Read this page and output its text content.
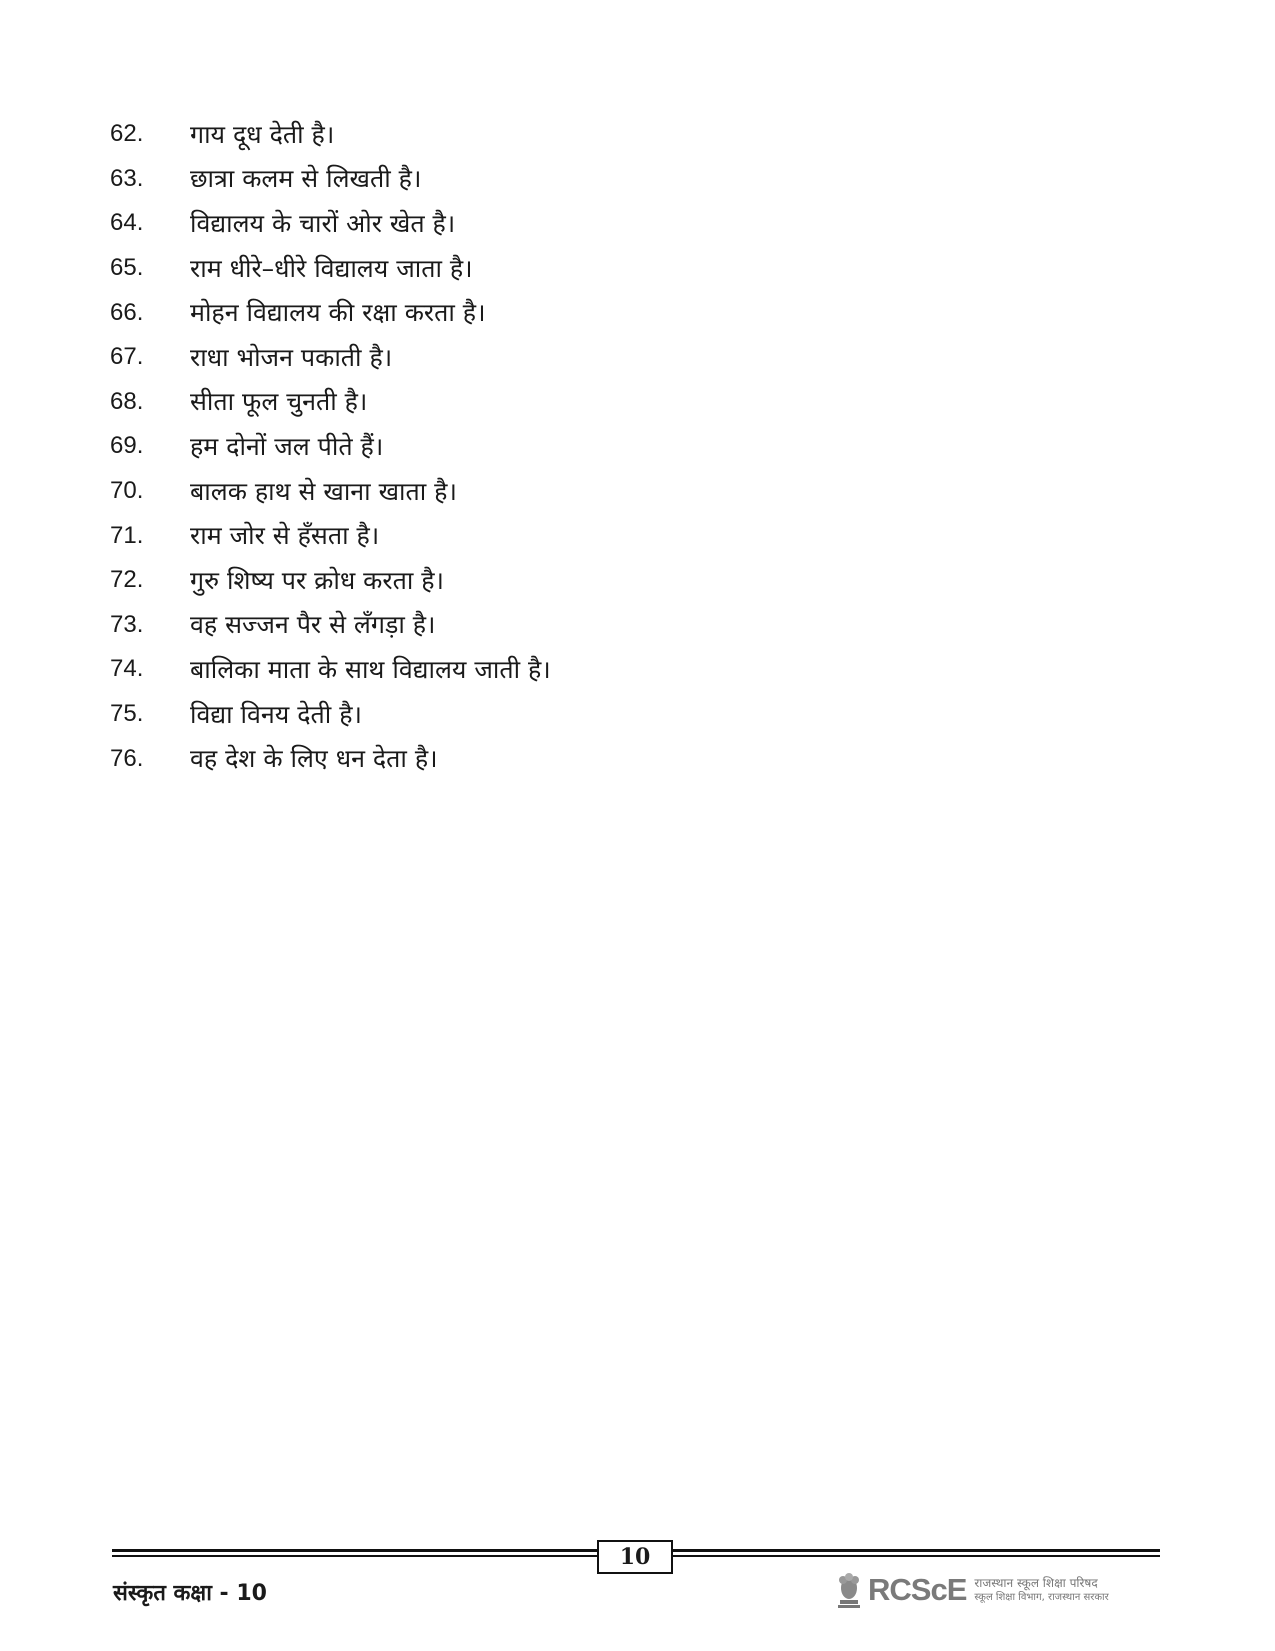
62.	गाय दूध देती है।
63.	छात्रा कलम से लिखती है।
64.	विद्यालय के चारों ओर खेत है।
65.	राम धीरे–धीरे विद्यालय जाता है।
66.	मोहन विद्यालय की रक्षा करता है।
67.	राधा भोजन पकाती है।
68.	सीता फूल चुनती है।
69.	हम दोनों जल पीते हैं।
70.	बालक हाथ से खाना खाता है।
71.	राम जोर से हँसता है।
72.	गुरु शिष्य पर क्रोध करता है।
73.	वह सज्जन पैर से लँगड़ा है।
74.	बालिका माता के साथ विद्यालय जाती है।
75.	विद्या विनय देती है।
76.	वह देश के लिए धन देता है।
10
संस्कृत कक्षा - 10	RCScE राजस्थान स्कूल शिक्षा परिषद
स्कूल शिक्षा विभाग, राजस्थान सरकार
